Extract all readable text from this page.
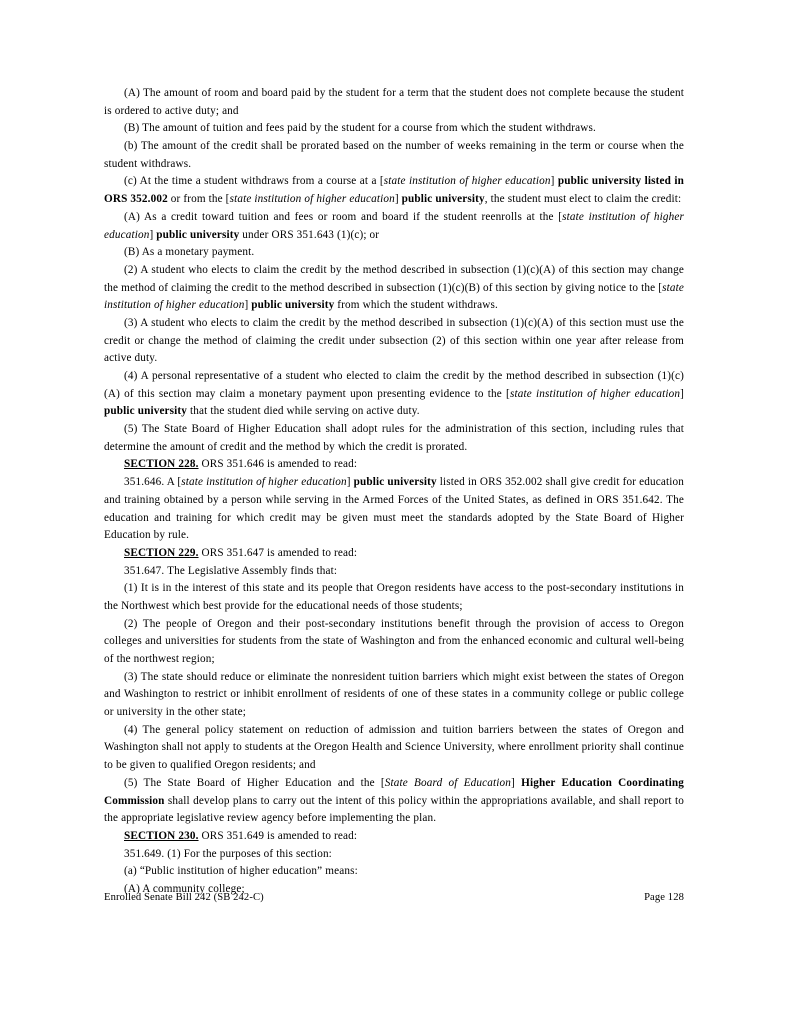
(A) The amount of room and board paid by the student for a term that the student does not complete because the student is ordered to active duty; and

(B) The amount of tuition and fees paid by the student for a course from which the student withdraws.

(b) The amount of the credit shall be prorated based on the number of weeks remaining in the term or course when the student withdraws.

(c) At the time a student withdraws from a course at a [state institution of higher education] public university listed in ORS 352.002 or from the [state institution of higher education] public university, the student must elect to claim the credit:

(A) As a credit toward tuition and fees or room and board if the student reenrolls at the [state institution of higher education] public university under ORS 351.643 (1)(c); or

(B) As a monetary payment.

(2) A student who elects to claim the credit by the method described in subsection (1)(c)(A) of this section may change the method of claiming the credit to the method described in subsection (1)(c)(B) of this section by giving notice to the [state institution of higher education] public university from which the student withdraws.

(3) A student who elects to claim the credit by the method described in subsection (1)(c)(A) of this section must use the credit or change the method of claiming the credit under subsection (2) of this section within one year after release from active duty.

(4) A personal representative of a student who elected to claim the credit by the method described in subsection (1)(c)(A) of this section may claim a monetary payment upon presenting evidence to the [state institution of higher education] public university that the student died while serving on active duty.

(5) The State Board of Higher Education shall adopt rules for the administration of this section, including rules that determine the amount of credit and the method by which the credit is prorated.

SECTION 228. ORS 351.646 is amended to read:

351.646. A [state institution of higher education] public university listed in ORS 352.002 shall give credit for education and training obtained by a person while serving in the Armed Forces of the United States, as defined in ORS 351.642. The education and training for which credit may be given must meet the standards adopted by the State Board of Higher Education by rule.

SECTION 229. ORS 351.647 is amended to read:

351.647. The Legislative Assembly finds that:

(1) It is in the interest of this state and its people that Oregon residents have access to the post-secondary institutions in the Northwest which best provide for the educational needs of those students;

(2) The people of Oregon and their post-secondary institutions benefit through the provision of access to Oregon colleges and universities for students from the state of Washington and from the enhanced economic and cultural well-being of the northwest region;

(3) The state should reduce or eliminate the nonresident tuition barriers which might exist between the states of Oregon and Washington to restrict or inhibit enrollment of residents of one of these states in a community college or public college or university in the other state;

(4) The general policy statement on reduction of admission and tuition barriers between the states of Oregon and Washington shall not apply to students at the Oregon Health and Science University, where enrollment priority shall continue to be given to qualified Oregon residents; and

(5) The State Board of Higher Education and the [State Board of Education] Higher Education Coordinating Commission shall develop plans to carry out the intent of this policy within the appropriations available, and shall report to the appropriate legislative review agency before implementing the plan.

SECTION 230. ORS 351.649 is amended to read:

351.649. (1) For the purposes of this section:

(a) “Public institution of higher education” means:

(A) A community college;

Enrolled Senate Bill 242 (SB 242-C)	Page 128
